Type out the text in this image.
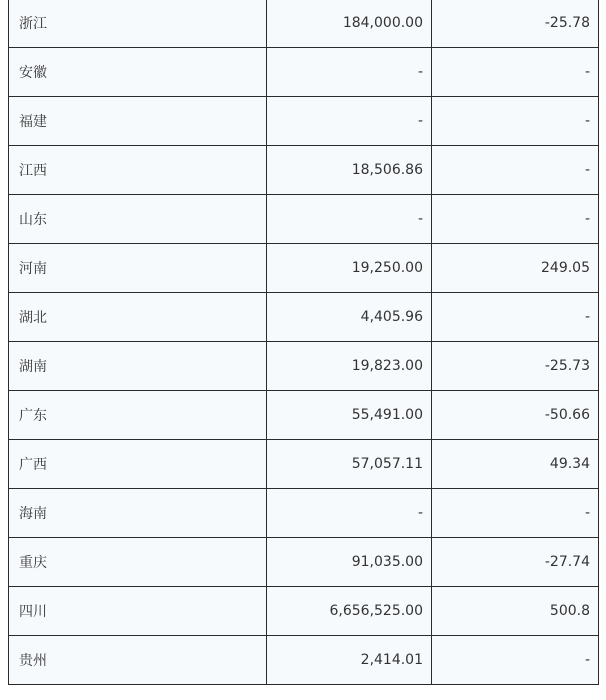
浙江	184,000.00	-25.78
安徽	-	-
福建	-	-
江西	18,506.86	-
山东	-	-
河南	19,250.00	249.05
湖北	4,405.96	-
湖南	19,823.00	-25.73
广东	55,491.00	-50.66
广西	57,057.11	49.34
海南	-	-
重庆	91,035.00	-27.74
四川	6,656,525.00	500.8
贵州	2,414.01	-
